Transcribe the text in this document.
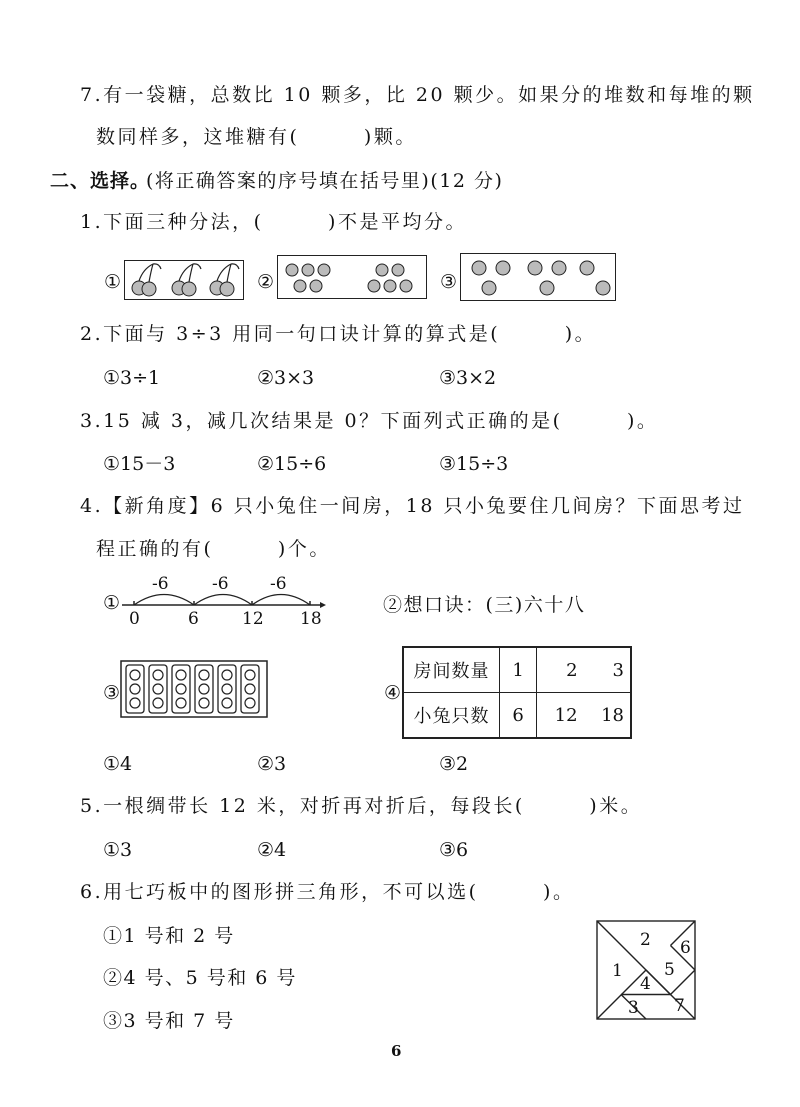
7.有一袋糖，总数比 10 颗多，比 20 颗少。如果分的堆数和每堆的颗
数同样多，这堆糖有(　　　)颗。
二、选择。
(将正确答案的序号填在括号里)(12 分)
1.下面三种分法，(　　　)不是平均分。
①	②	③
2.下面与 3÷3 用同一句口诀计算的算式是(　　　)。
①3÷1	②3×3	③3×2
3.15 减 3，减几次结果是 0？下面列式正确的是(　　　)。
①15－3	②15÷6	③15÷3
4.【新角度】6 只小兔住一间房，18 只小兔要住几间房？下面思考过
程正确的有(　　　)个。
①
-6	-6 -6
0	6	12 18
②想口诀：(三)六十八
③	④
房间数量	1	2	3
小兔只数	6	12	18
①4	②3	③2
5.一根绸带长 12 米，对折再对折后，每段长(　　　)米。
①3	②4	③6
6.用七巧板中的图形拼三角形，不可以选(　　　)。
①1 号和 2 号
②4 号、5 号和 6 号
③3 号和 7 号
1
2
3
4
5
6
7
6
